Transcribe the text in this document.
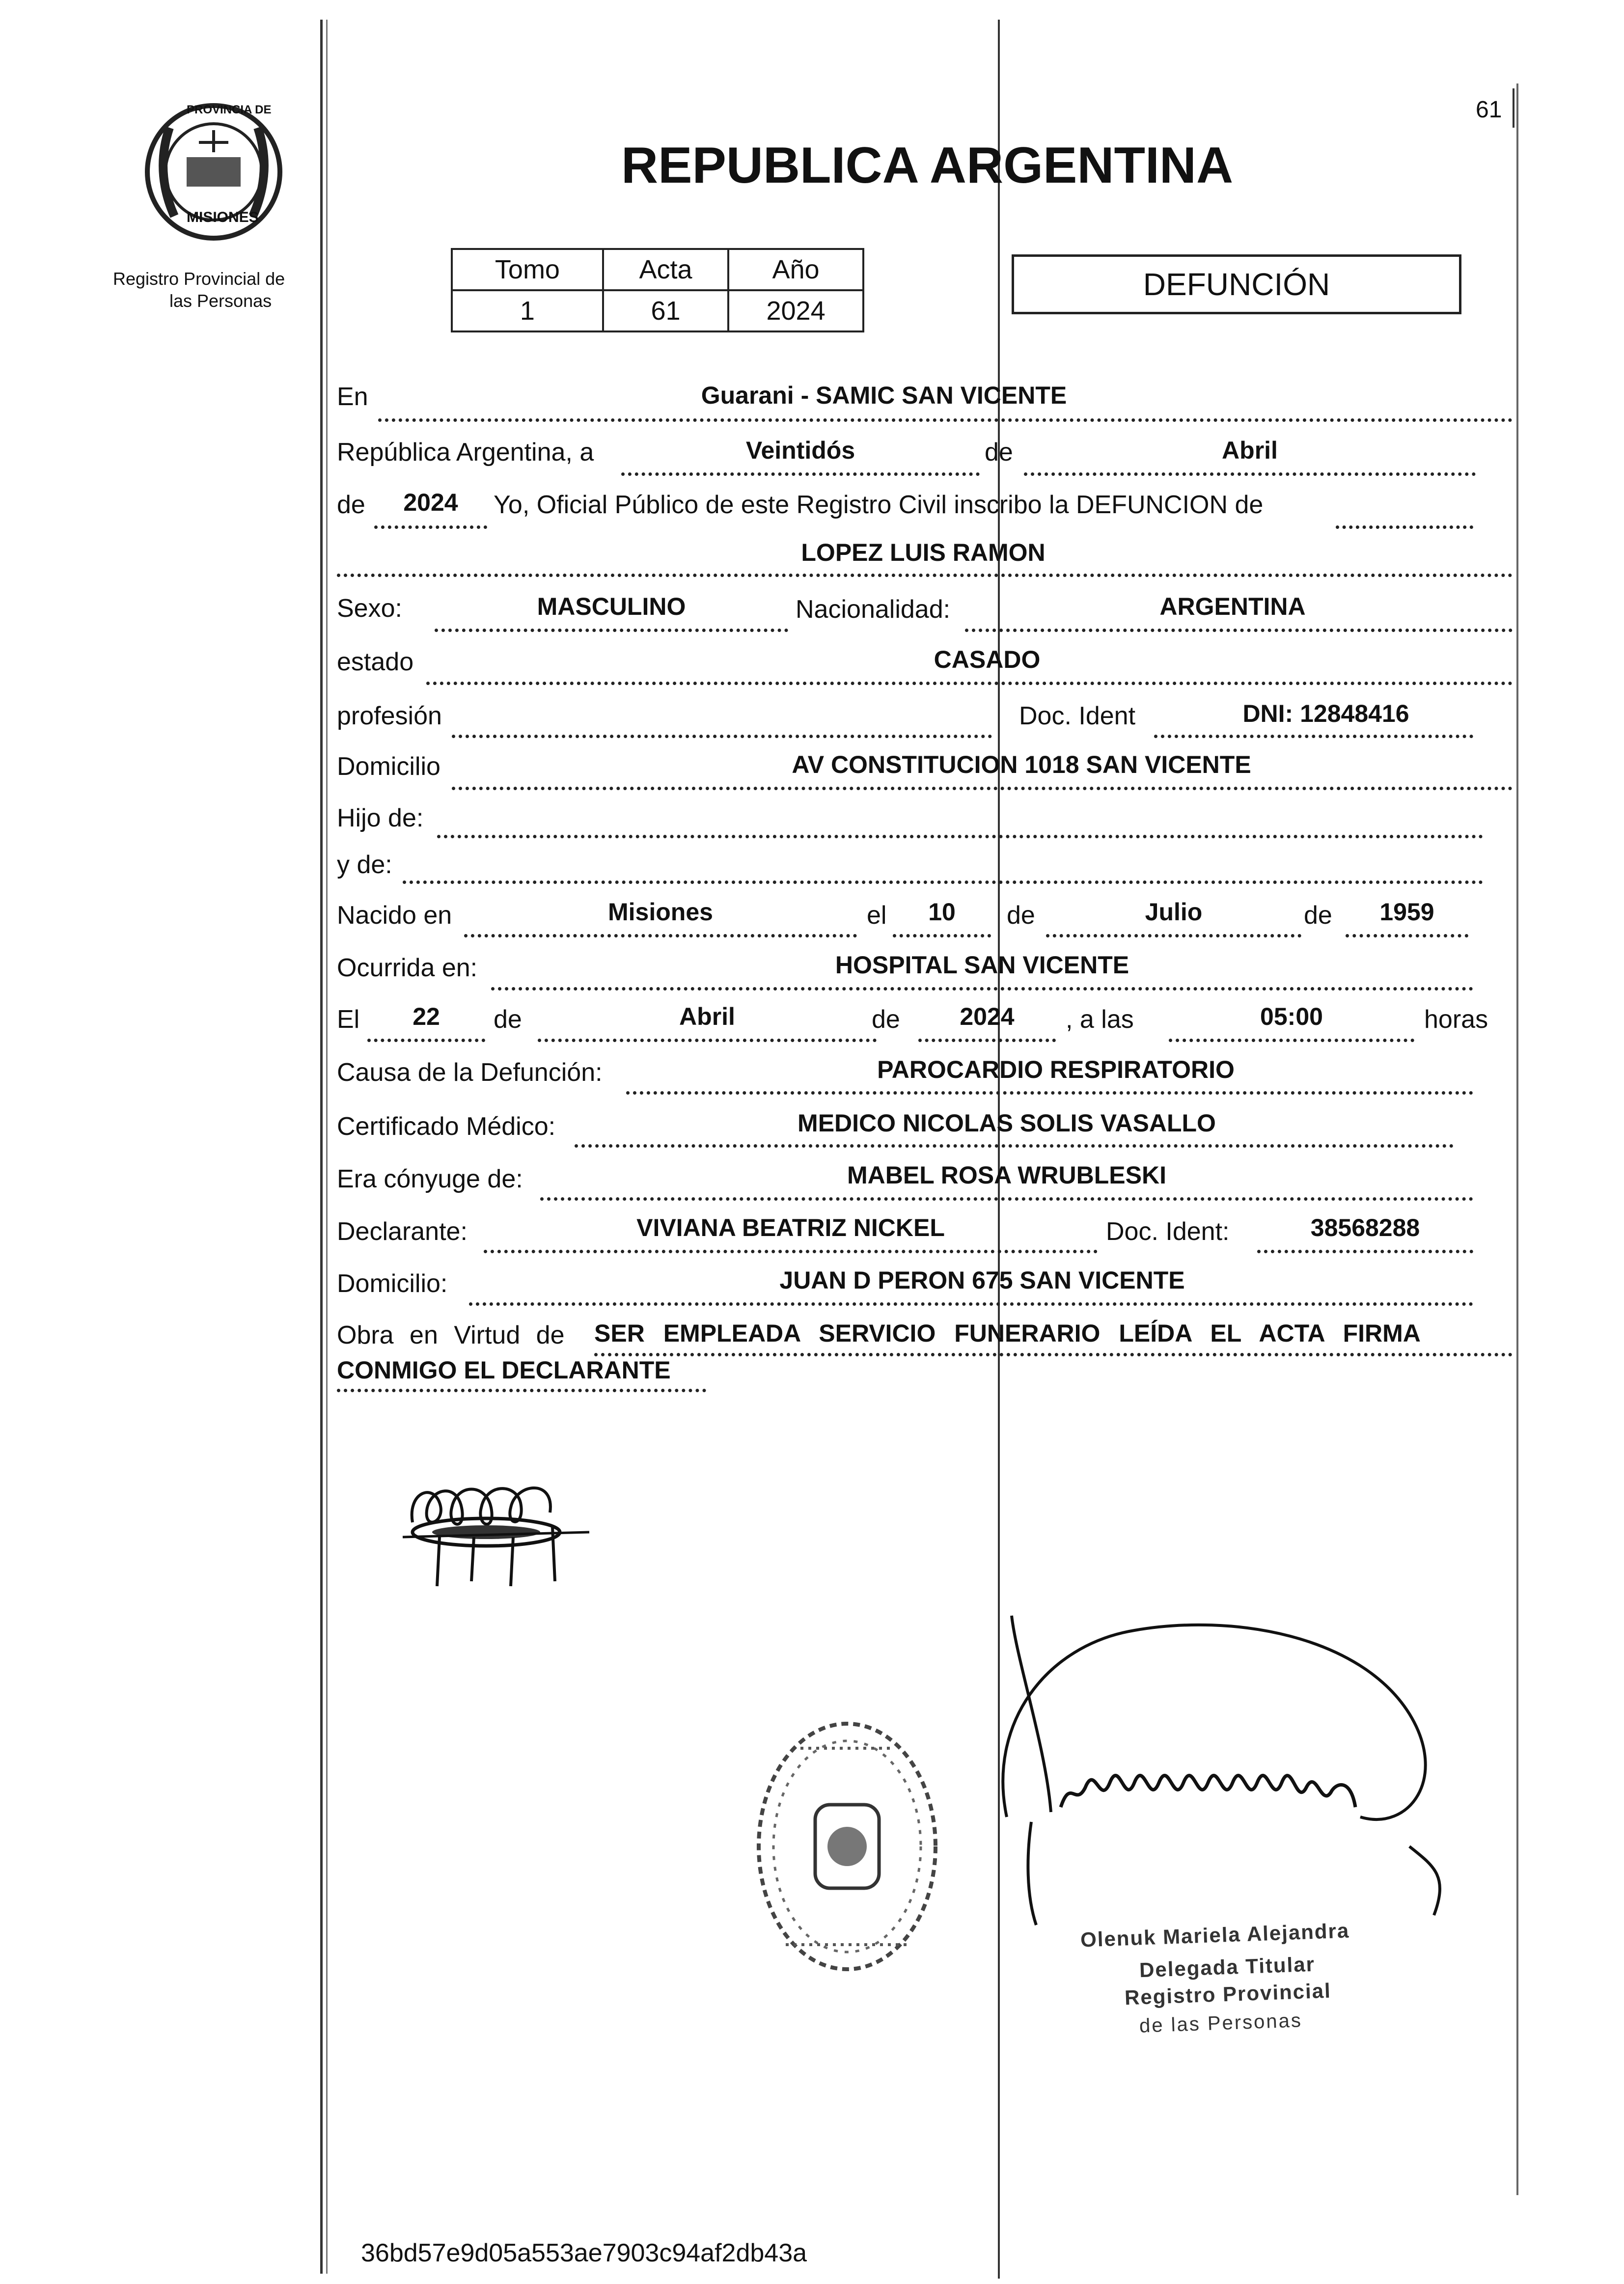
61
PROVINCIA DE
MISIONES
Registro Provincial de
las Personas
REPUBLICA ARGENTINA
Tomo	Acta	Año
1	61	2024
DEFUNCIÓN
En	Guarani - SAMIC SAN VICENTE
República Argentina, a	Veintidós	de	Abril
de	2024	Yo, Oficial Público de este Registro Civil inscribo la DEFUNCION de
LOPEZ LUIS RAMON
Sexo:	MASCULINO	Nacionalidad:	ARGENTINA
estado	CASADO
profesión	Doc. Ident	DNI: 12848416
Domicilio	AV CONSTITUCION 1018 SAN VICENTE
Hijo de:
y de:
Nacido en	Misiones	el	10	de	Julio	de	1959
Ocurrida en:	HOSPITAL SAN VICENTE
El	22	de	Abril	de	2024	, a las	05:00	horas
Causa de la Defunción:	PAROCARDIO RESPIRATORIO
Certificado Médico:	MEDICO NICOLAS SOLIS VASALLO
Era cónyuge de:	MABEL ROSA WRUBLESKI
Declarante:	VIVIANA BEATRIZ NICKEL	Doc. Ident:	38568288
Domicilio:	JUAN D PERON 675 SAN VICENTE
Obra en Virtud de SER EMPLEADA SERVICIO FUNERARIO LEÍDA EL ACTA FIRMA
CONMIGO EL DECLARANTE
Olenuk Mariela Alejandra
Delegada Titular
Registro Provincial
de las Personas
36bd57e9d05a553ae7903c94af2db43a
